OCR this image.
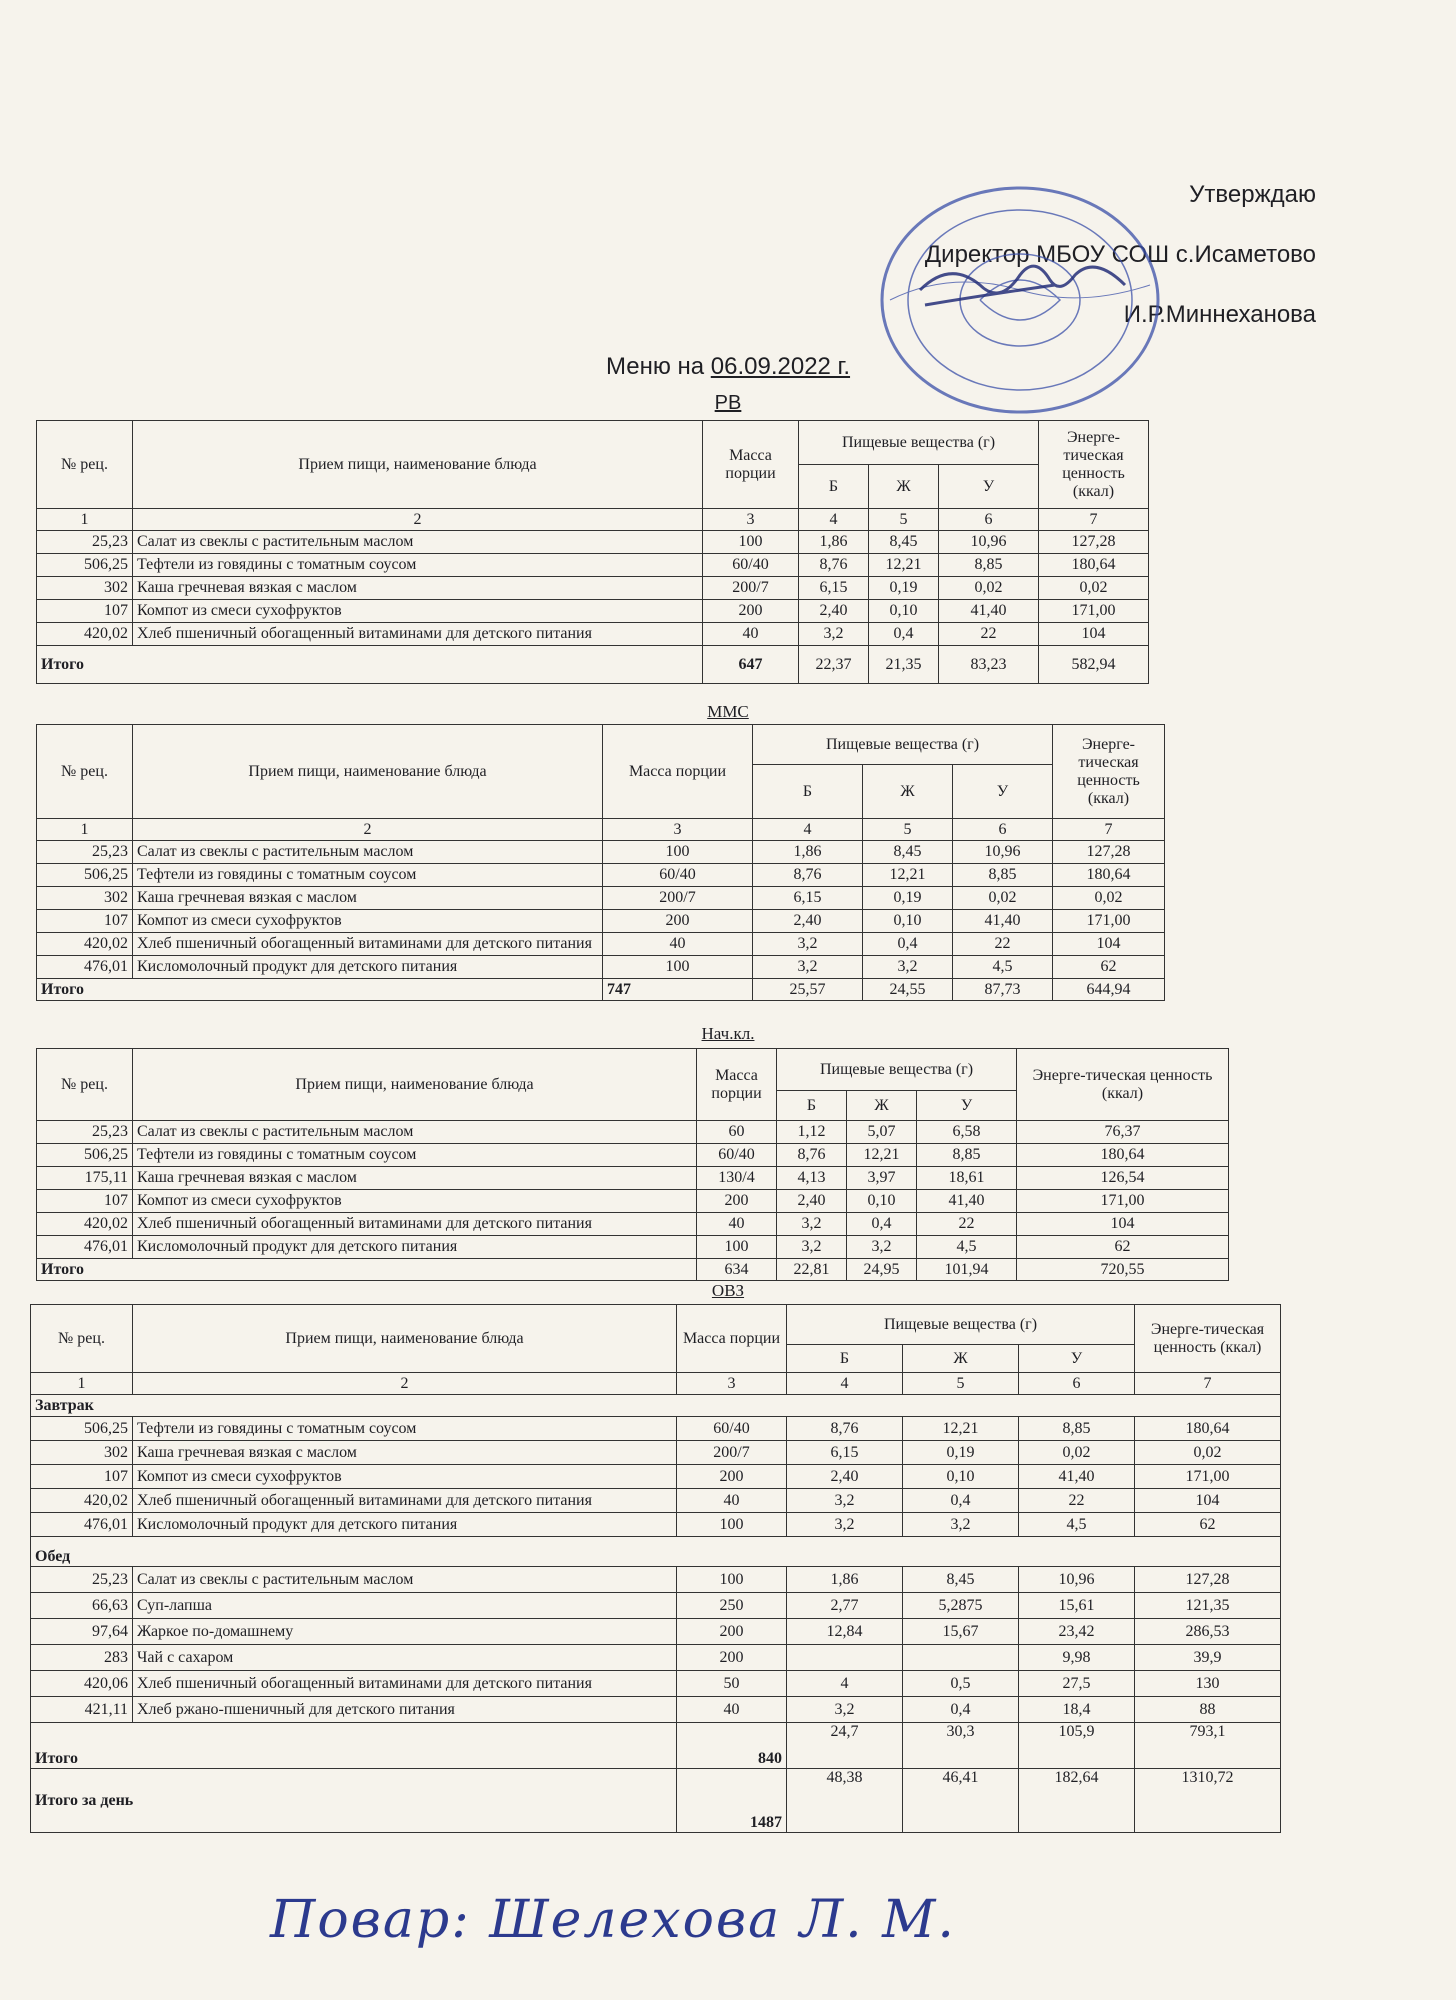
Утверждаю
Директор МБОУ СОШ с.Исаметово
И.Р.Миннеханова
Меню на 06.09.2022 г.
РВ
№ рец.	Прием пищи, наименование блюда	Масса порции	Пищевые вещества (г)			Энерге-тическая ценность (ккал)
			Б	Ж	У	
1	2	3	4	5	6	7
25,23	Салат из свеклы с растительным маслом	100	1,86	8,45	10,96	127,28
506,25	Тефтели из говядины с томатным соусом	60/40	8,76	12,21	8,85	180,64
302	Каша гречневая вязкая с маслом	200/7	6,15	0,19	0,02	0,02
107	Компот из смеси сухофруктов	200	2,40	0,10	41,40	171,00
420,02	Хлеб пшеничный обогащенный витаминами для детского питания	40	3,2	0,4	22	104
Итого		647	22,37	21,35	83,23	582,94
ММС
№ рец.	Прием пищи, наименование блюда	Масса порции	Пищевые вещества (г)			Энерге-тическая ценность (ккал)
			Б	Ж	У	
1	2	3	4	5	6	7
25,23	Салат из свеклы с растительным маслом	100	1,86	8,45	10,96	127,28
506,25	Тефтели из говядины с томатным соусом	60/40	8,76	12,21	8,85	180,64
302	Каша гречневая вязкая с маслом	200/7	6,15	0,19	0,02	0,02
107	Компот из смеси сухофруктов	200	2,40	0,10	41,40	171,00
420,02	Хлеб пшеничный обогащенный витаминами для детского питания	40	3,2	0,4	22	104
476,01	Кисломолочный продукт для детского питания	100	3,2	3,2	4,5	62
Итого		747	25,57	24,55	87,73	644,94
Нач.кл.
№ рец.	Прием пищи, наименование блюда	Масса порции	Пищевые вещества (г)			Энерге-тическая ценность (ккал)
			Б	Ж	У	
25,23	Салат из свеклы с растительным маслом	60	1,12	5,07	6,58	76,37
506,25	Тефтели из говядины с томатным соусом	60/40	8,76	12,21	8,85	180,64
175,11	Каша гречневая вязкая с маслом	130/4	4,13	3,97	18,61	126,54
107	Компот из смеси сухофруктов	200	2,40	0,10	41,40	171,00
420,02	Хлеб пшеничный обогащенный витаминами для детского питания	40	3,2	0,4	22	104
476,01	Кисломолочный продукт для детского питания	100	3,2	3,2	4,5	62
Итого		634	22,81	24,95	101,94	720,55
ОВЗ
№ рец.	Прием пищи, наименование блюда	Масса порции	Пищевые вещества (г)			Энерге-тическая ценность (ккал)
			Б	Ж	У	
1	2	3	4	5	6	7
Завтрак						
506,25	Тефтели из говядины с томатным соусом	60/40	8,76	12,21	8,85	180,64
302	Каша гречневая вязкая с маслом	200/7	6,15	0,19	0,02	0,02
107	Компот из смеси сухофруктов	200	2,40	0,10	41,40	171,00
420,02	Хлеб пшеничный обогащенный витаминами для детского питания	40	3,2	0,4	22	104
476,01	Кисломолочный продукт для детского питания	100	3,2	3,2	4,5	62
Обед						
25,23	Салат из свеклы с растительным маслом	100	1,86	8,45	10,96	127,28
66,63	Суп-лапша	250	2,77	5,2875	15,61	121,35
97,64	Жаркое по-домашнему	200	12,84	15,67	23,42	286,53
283	Чай с сахаром	200			9,98	39,9
420,06	Хлеб пшеничный обогащенный витаминами для детского питания	50	4	0,5	27,5	130
421,11	Хлеб ржано-пшеничный для детского питания	40	3,2	0,4	18,4	88
Итого		840	24,7	30,3	105,9	793,1
Итого за день		1487	48,38	46,41	182,64	1310,72
Повар: Шелехова Л. М.
